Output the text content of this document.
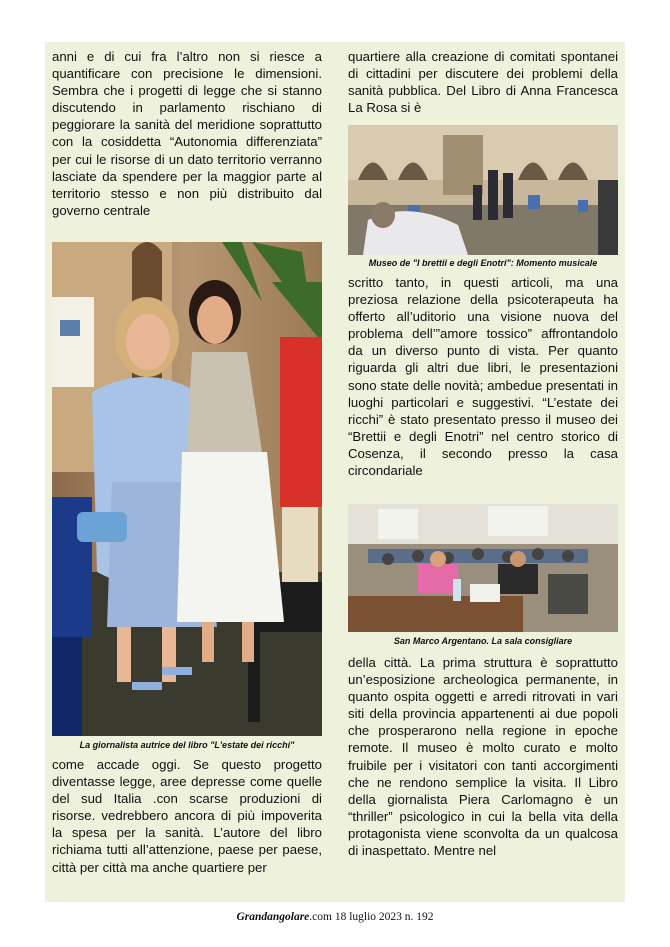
anni e di cui fra l’altro non si riesce a quantificare con precisione le dimensioni. Sembra che i progetti di legge che si stanno discutendo in parlamento rischiano di peggiorare la sanità del meridione soprattutto con la cosiddetta “Autonomia differenziata” per cui le risorse di un dato territorio verranno lasciate da spendere per la maggior parte al territorio stesso e non più distribuito dal governo centrale

La giornalista autrice del libro "L'estate dei ricchi"

come accade oggi. Se questo progetto diventasse legge, aree depresse come quelle del sud Italia .con scarse produzioni di risorse. vedrebbero ancora di più impoverita la spesa per la sanità. L’autore del libro richiama tutti all’attenzione, paese per paese, città per città ma anche quartiere per

quartiere alla creazione di comitati spontanei di cittadini per discutere dei problemi della sanità pubblica. Del Libro di Anna Francesca La Rosa si è

Museo de "I brettii e degli Enotri": Momento musicale

scritto tanto, in questi articoli, ma una preziosa relazione della psicoterapeuta ha offerto all’uditorio una visione nuova del problema dell’”amore tossico” affrontandolo da un diverso punto di vista. Per quanto riguarda gli altri due libri, le presentazioni sono state delle novità; ambedue presentati in luoghi particolari e suggestivi. “L’estate dei ricchi” è stato presentato presso il museo dei “Brettii e degli Enotri” nel centro storico di Cosenza, il secondo presso la casa circondariale

San Marco Argentano. La sala consigliare

della città. La prima struttura è soprattutto un’esposizione archeologica permanente, in quanto ospita oggetti e arredi ritrovati in vari siti della provincia appartenenti ai due popoli che prosperarono nella regione in epoche remote. Il museo è molto curato e molto fruibile per i visitatori con tanti accorgimenti che ne rendono semplice la visita. Il Libro della giornalista Piera Carlomagno è un “thriller” psicologico in cui la bella vita della protagonista viene sconvolta da un qualcosa di inaspettato. Mentre nel

Grandangolare.com 18 luglio 2023 n. 192
